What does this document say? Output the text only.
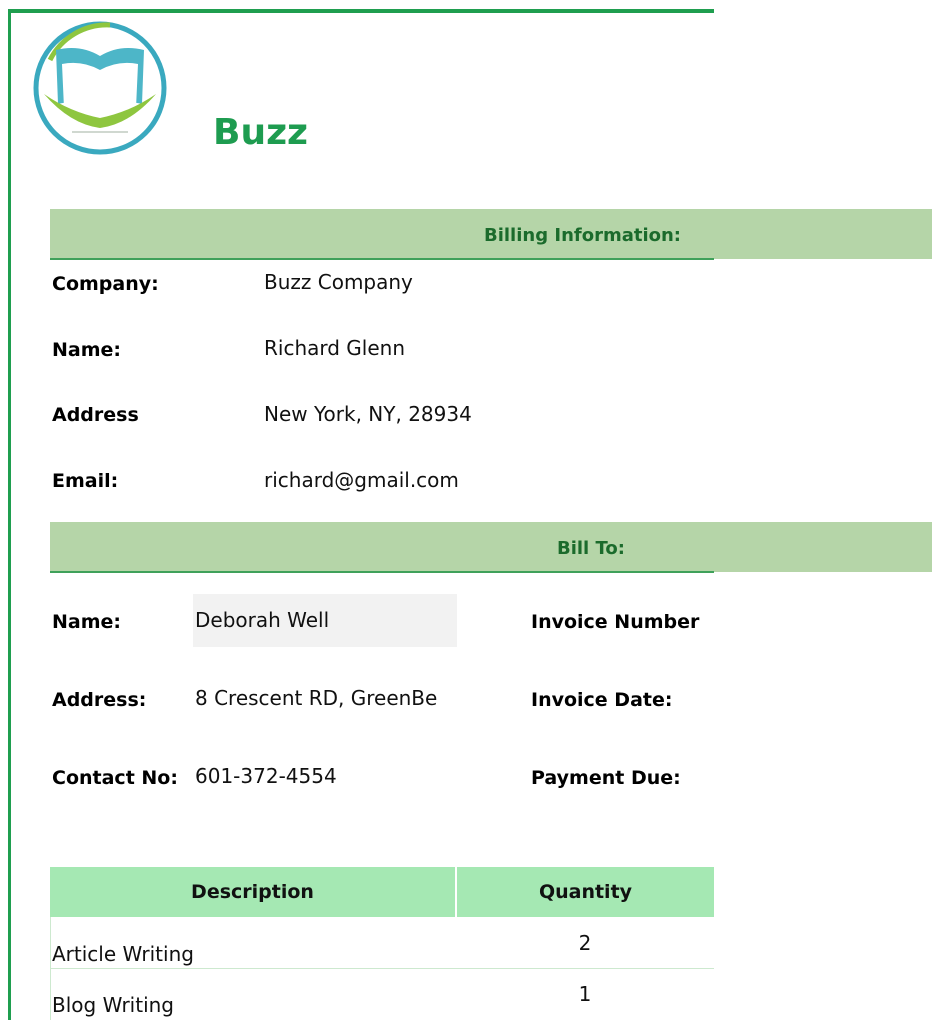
Buzz
Billing Information:
Company:	Buzz Company
Name:	Richard Glenn
Address	New York, NY, 28934
Email:	richard@gmail.com
Bill To:
Name:	Deborah Well
Address: 8 Crescent RD, GreenBe
Contact No: 601-372-4554
Invoice Number
Invoice Date:
Payment Due:
Description	Quantity
Article Writing	2
Blog Writing	1
